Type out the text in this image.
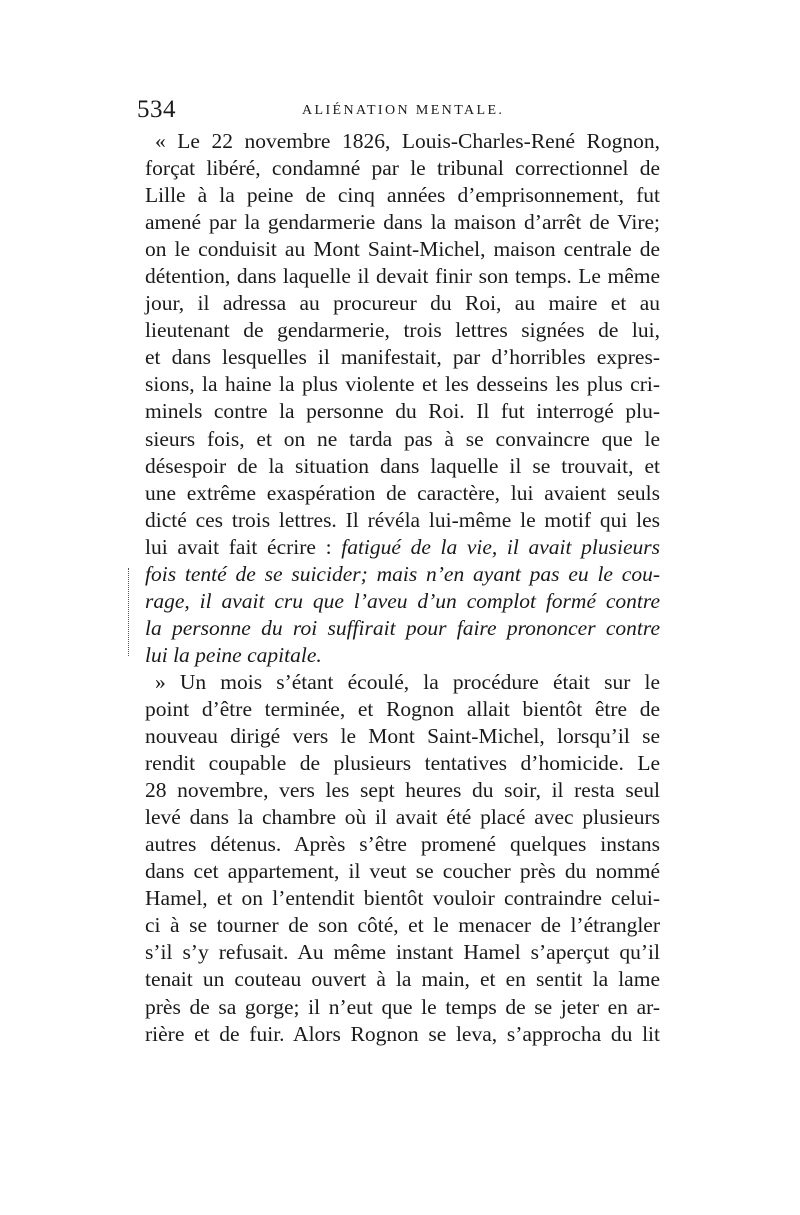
534	ALIÉNATION MENTALE.
« Le 22 novembre 1826, Louis-Charles-René Rognon,
forçat libéré, condamné par le tribunal correctionnel de
Lille à la peine de cinq années d’emprisonnement, fut
amené par la gendarmerie dans la maison d’arrêt de Vire;
on le conduisit au Mont Saint-Michel, maison centrale de
détention, dans laquelle il devait finir son temps. Le même
jour, il adressa au procureur du Roi, au maire et au
lieutenant de gendarmerie, trois lettres signées de lui,
et dans lesquelles il manifestait, par d’horribles expres-
sions, la haine la plus violente et les desseins les plus cri-
minels contre la personne du Roi. Il fut interrogé plu-
sieurs fois, et on ne tarda pas à se convaincre que le
désespoir de la situation dans laquelle il se trouvait, et
une extrême exaspération de caractère, lui avaient seuls
dicté ces trois lettres. Il révéla lui-même le motif qui les
lui avait fait écrire : fatigué de la vie, il avait plusieurs
fois tenté de se suicider; mais n’en ayant pas eu le cou-
rage, il avait cru que l’aveu d’un complot formé contre
la personne du roi suffirait pour faire prononcer contre
lui la peine capitale.
» Un mois s’étant écoulé, la procédure était sur le
point d’être terminée, et Rognon allait bientôt être de
nouveau dirigé vers le Mont Saint-Michel, lorsqu’il se
rendit coupable de plusieurs tentatives d’homicide. Le
28 novembre, vers les sept heures du soir, il resta seul
levé dans la chambre où il avait été placé avec plusieurs
autres détenus. Après s’être promené quelques instans
dans cet appartement, il veut se coucher près du nommé
Hamel, et on l’entendit bientôt vouloir contraindre celui-
ci à se tourner de son côté, et le menacer de l’étrangler
s’il s’y refusait. Au même instant Hamel s’aperçut qu’il
tenait un couteau ouvert à la main, et en sentit la lame
près de sa gorge; il n’eut que le temps de se jeter en ar-
rière et de fuir. Alors Rognon se leva, s’approcha du lit
